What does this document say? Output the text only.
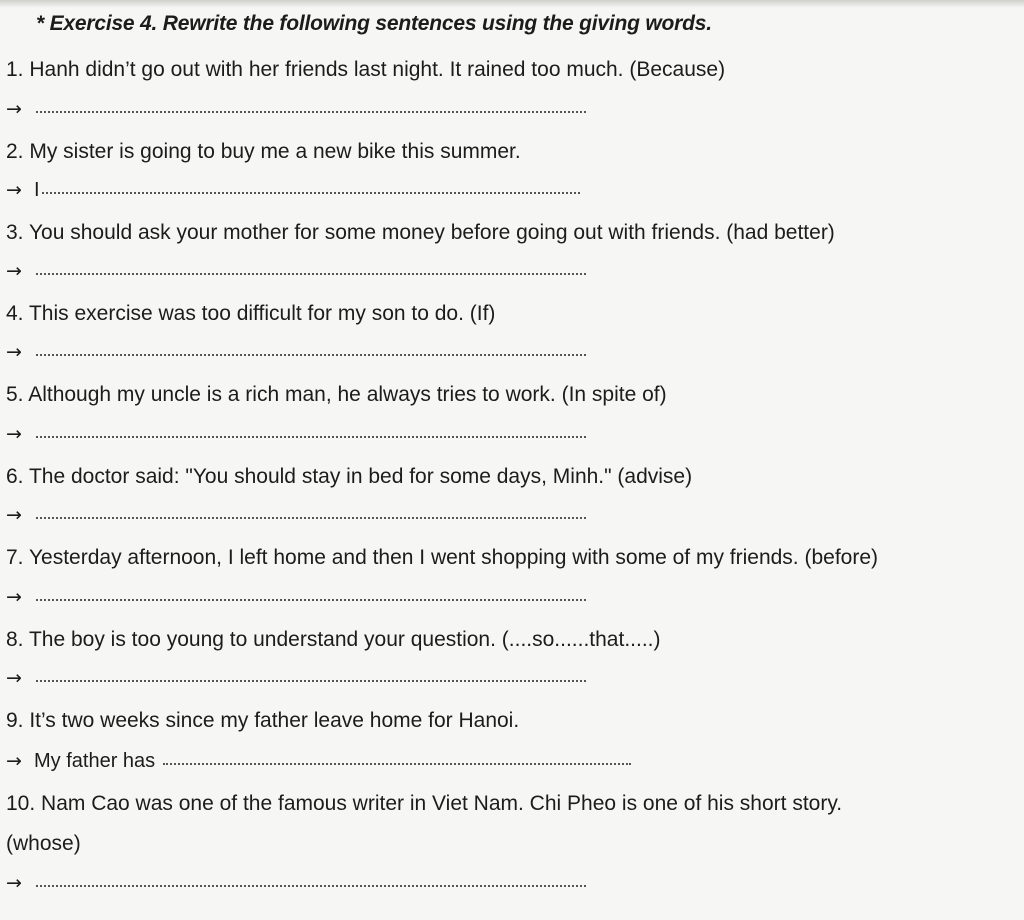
* Exercise 4. Rewrite the following sentences using the giving words.
1. Hanh didn’t go out with her friends last night. It rained too much. (Because)
→
2. My sister is going to buy me a new bike this summer.
→ I
3. You should ask your mother for some money before going out with friends. (had better)
→
4. This exercise was too difficult for my son to do. (If)
→
5. Although my uncle is a rich man, he always tries to work. (In spite of)
→
6. The doctor said: "You should stay in bed for some days, Minh." (advise)
→
7. Yesterday afternoon, I left home and then I went shopping with some of my friends. (before)
→
8. The boy is too young to understand your question. (....so......that.....)
→
9. It’s two weeks since my father leave home for Hanoi.
→ My father has
10. Nam Cao was one of the famous writer in Viet Nam. Chi Pheo is one of his short story.
(whose)
→
